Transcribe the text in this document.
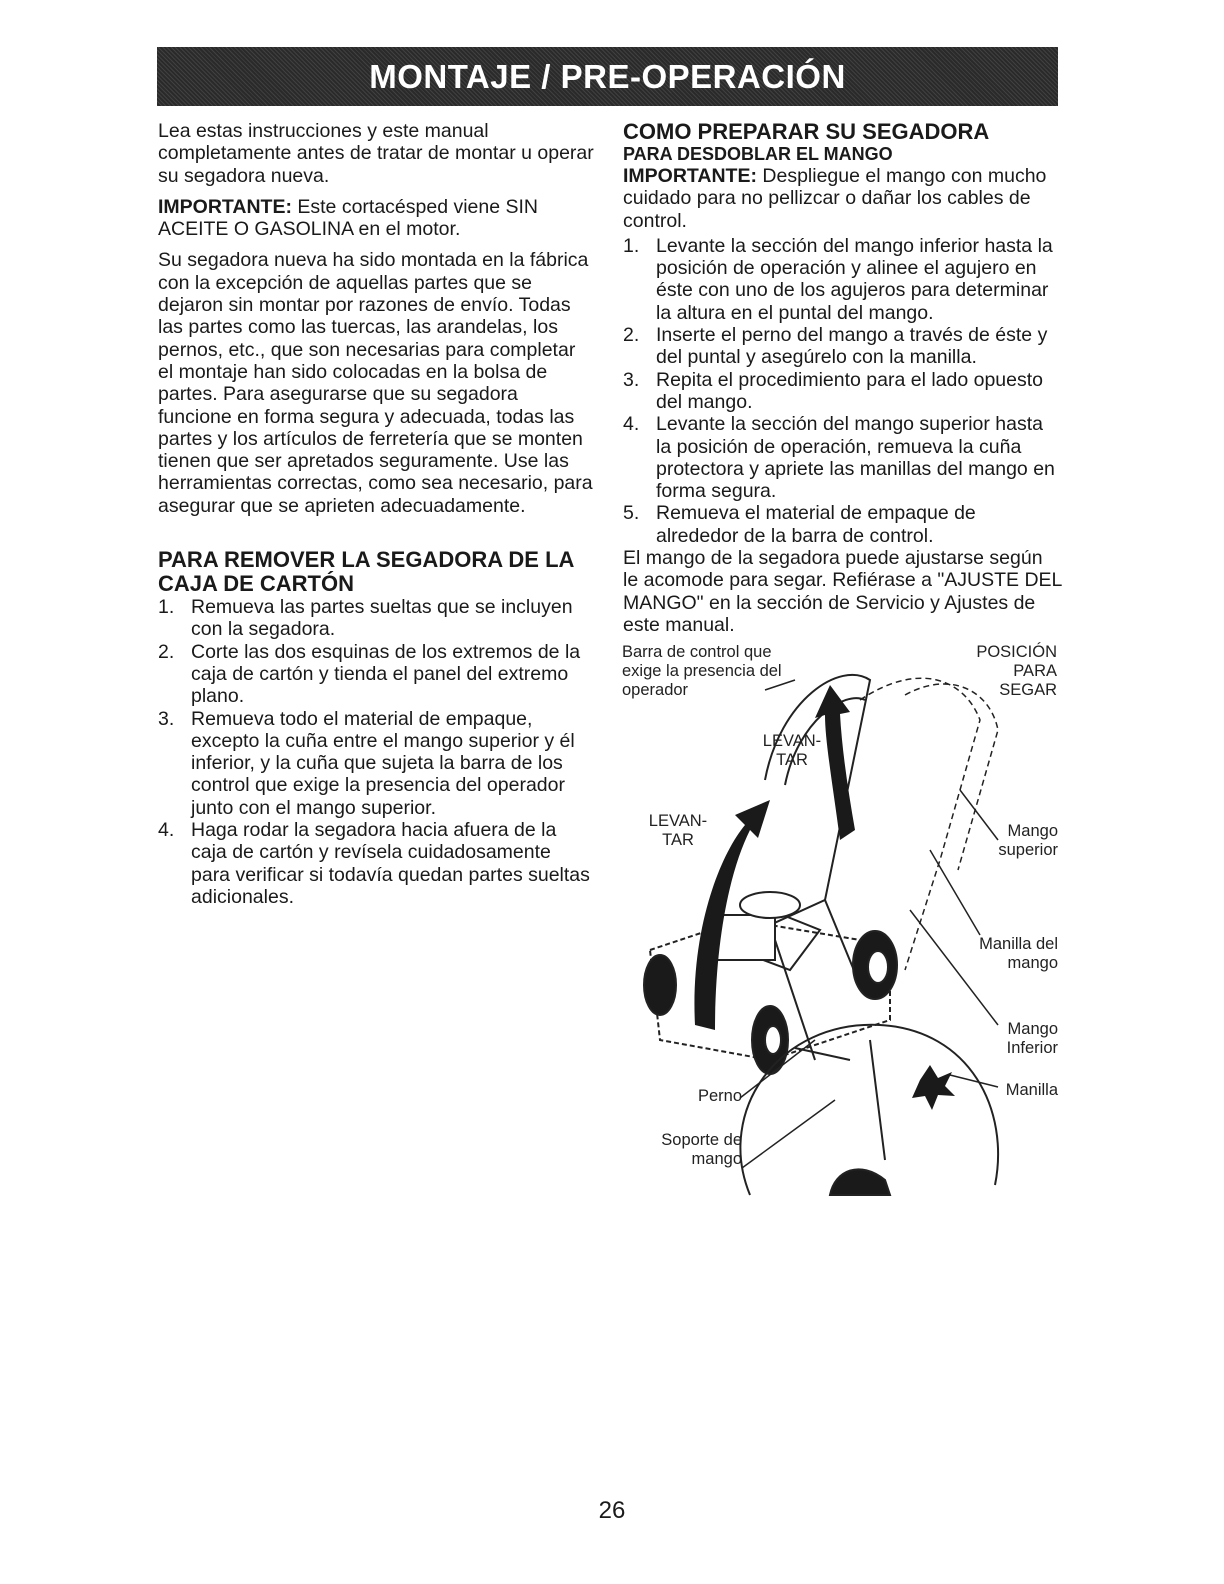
MONTAJE / PRE-OPERACIÓN

Lea estas instrucciones y este manual completamente antes de tratar de montar u operar su segadora nueva.

IMPORTANTE: Este cortacésped viene SIN ACEITE O GASOLINA en el motor.

Su segadora nueva ha sido montada en la fábrica con la excepción de aquellas partes que se dejaron sin montar por razones de envío. Todas las partes como las tuercas, las arandelas, los pernos, etc., que son necesarias para completar el montaje han sido colocadas en la bolsa de partes. Para asegurarse que su segadora funcione en forma segura y adecuada, todas las partes y los artículos de ferretería que se monten tienen que ser apretados seguramente. Use las herramientas correctas, como sea necesario, para asegurar que se aprieten adecuadamente.

PARA REMOVER LA SEGADORA DE LA CAJA DE CARTÓN
1. Remueva las partes sueltas que se incluyen con la segadora.
2. Corte las dos esquinas de los extremos de la caja de cartón y tienda el panel del extremo plano.
3. Remueva todo el material de empaque, excepto la cuña entre el mango superior y él inferior, y la cuña que sujeta la barra de los control que exige la presencia del operador junto con el mango superior.
4. Haga rodar la segadora hacia afuera de la caja de cartón y revísela cuidadosamente para verificar si todavía quedan partes sueltas adicionales.
COMO PREPARAR SU SEGADORA
PARA DESDOBLAR EL MANGO

IMPORTANTE: Despliegue el mango con mucho cuidado para no pellizcar o dañar los cables de control.

1. Levante la sección del mango inferior hasta la posición de operación y alinee el agujero en éste con uno de los agujeros para determinar la altura en el puntal del mango.
2. Inserte el perno del mango a través de éste y del puntal y asegúrelo con la manilla.
3. Repita el procedimiento para el lado opuesto del mango.
4. Levante la sección del mango superior hasta la posición de operación, remueva la cuña protectora y apriete las manillas del mango en forma segura.
5. Remueva el material de empaque de alrededor de la barra de control.

El mango de la segadora puede ajustarse según le acomode para segar. Refiérase a "AJUSTE DEL MANGO" en la sección de Servicio y Ajustes de este manual.

Barra de control que exige la presencia del operador
POSICIÓN PARA SEGAR
LEVAN- TAR
LEVAN- TAR	Mango superior
Manilla del mango
Mango Inferior
Manilla
Perno
Soporte de mango
26
